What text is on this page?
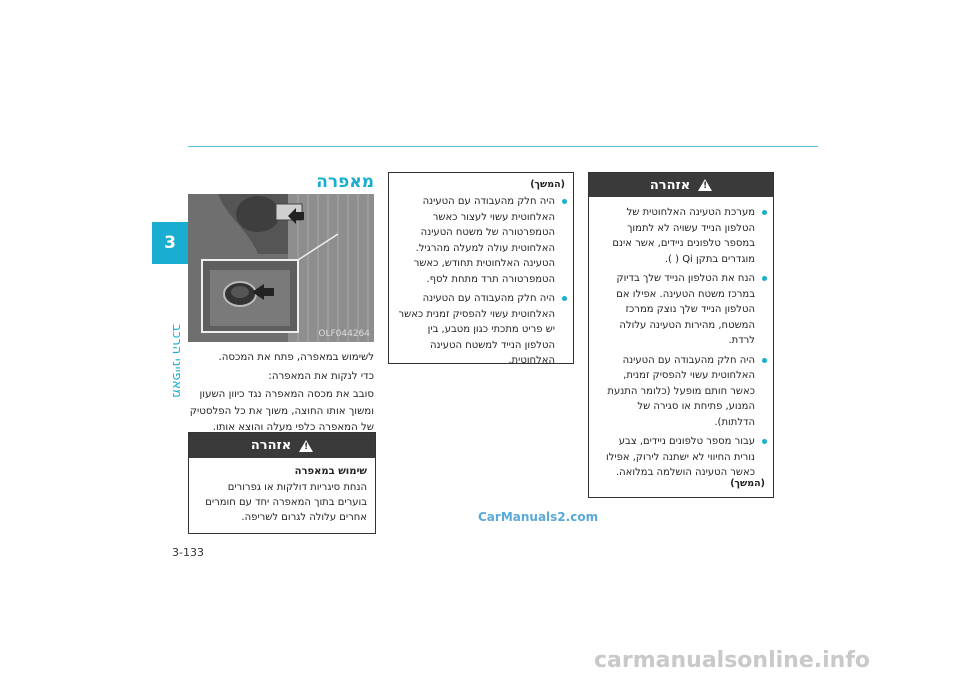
3
מאפייני הרכב
מאפרה
OLF044264

לשימוש במאפרה, פתח את המכסה.

כדי לנקות את המאפרה:

סובב את מכסה המאפרה נגד כיוון השעון ומשוך אותו החוצה, משוך את כל הפלסטיק של המאפרה כלפי מעלה והוצא אותו.

אזהרה !
שימוש במאפרה
הנחת סיגריות דולקות או גפרורים בוערים בתוך המאפרה יחד עם חומרים אחרים עלולה לגרום לשריפה.
(המשך)
היה חלק מהעבודה עם הטעינה האלחוטית עשוי לעצור כאשר הטמפרטורה של משטח הטעינה האלחוטית עולה למעלה מהרגיל. הטעינה האלחוטית תחודש, כאשר הטמפרטורה תרד מתחת לסף.
היה חלק מהעבודה עם הטעינה האלחוטית עשוי להפסיק זמנית כאשר יש פריט מתכתי כגון מטבע, בין הטלפון הנייד למשטח הטעינה האלחוטית.
אזהרה !
מערכת הטעינה האלחוטית של הטלפון הנייד עשויה לא לתמוך במספר טלפונים ניידים, אשר אינם מוגדרים בתקן Qi ( ).
הנח את הטלפון הנייד שלך בדיוק במרכז משטח הטעינה. אפילו אם הטלפון הנייד שלך נוצק ממרכז המשטח, מהירות הטעינה עלולה לרדת.
היה חלק מהעבודה עם הטעינה האלחוטית עשוי להפסיק זמנית, כאשר חותם מופעל (כלומר התנעת המנוע, פתיחת או סגירה של הדלתות).
עבור מספר טלפונים ניידים, צבע נורית החיווי לא ישתנה לירוק, אפילו כאשר הטעינה הושלמה במלואה.
(המשך)
3-133
CarManuals2.com
carmanualsonline.info
